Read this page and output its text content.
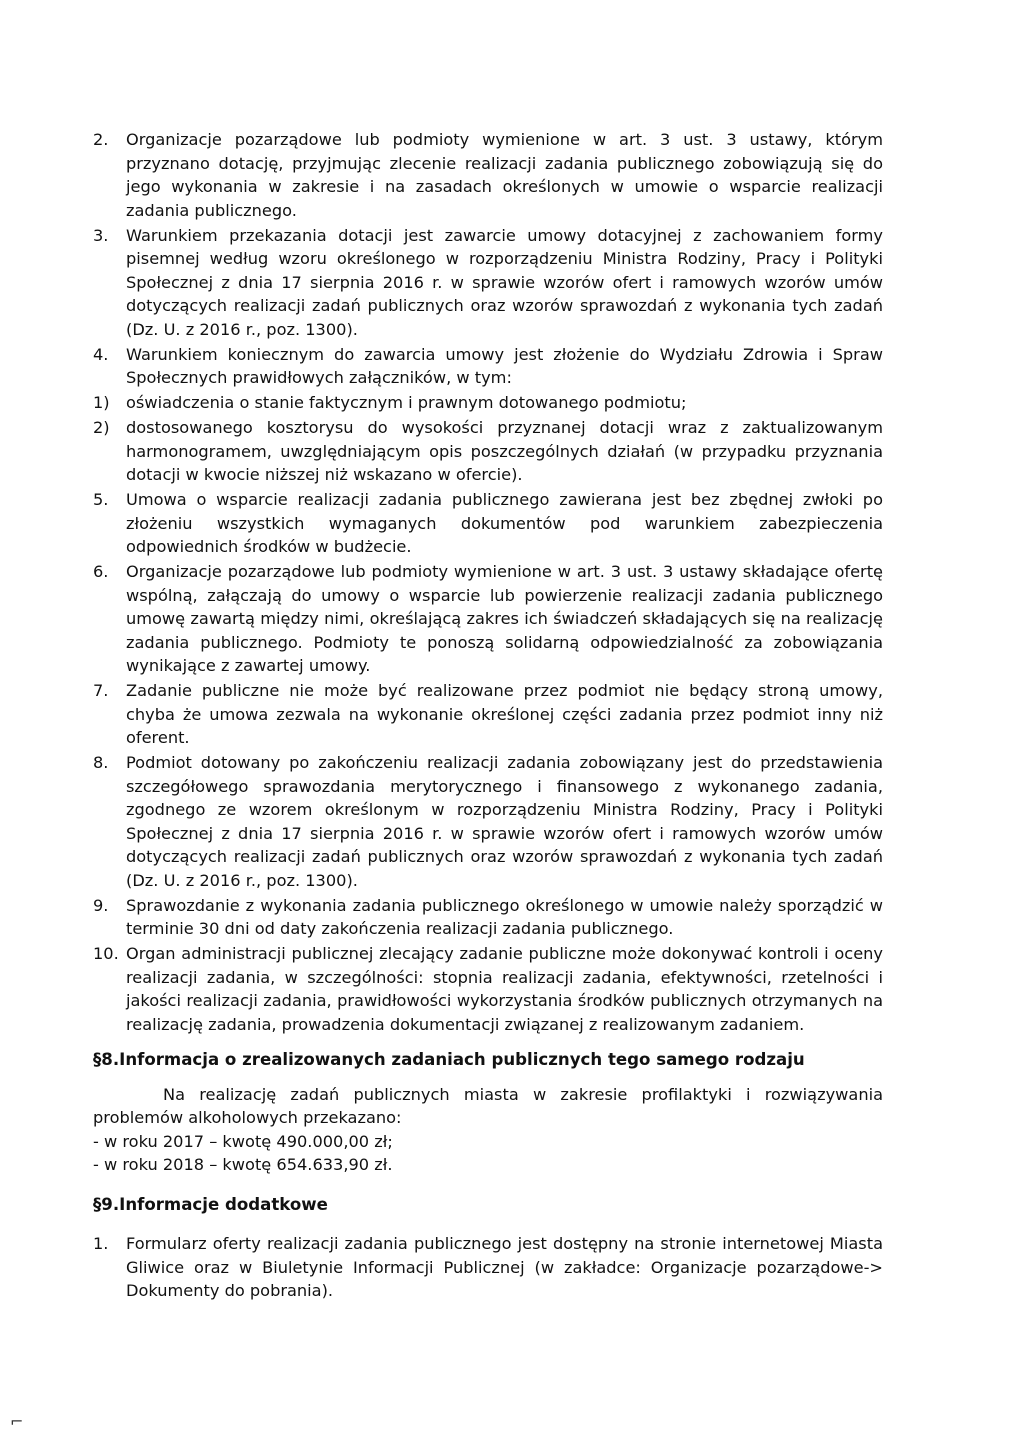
2. Organizacje pozarządowe lub podmioty wymienione w art. 3 ust. 3 ustawy, którym przyznano dotację, przyjmując zlecenie realizacji zadania publicznego zobowiązują się do jego wykonania w zakresie i na zasadach określonych w umowie o wsparcie realizacji zadania publicznego.
3. Warunkiem przekazania dotacji jest zawarcie umowy dotacyjnej z zachowaniem formy pisemnej według wzoru określonego w rozporządzeniu Ministra Rodziny, Pracy i Polityki Społecznej z dnia 17 sierpnia 2016 r. w sprawie wzorów ofert i ramowych wzorów umów dotyczących realizacji zadań publicznych oraz wzorów sprawozdań z wykonania tych zadań (Dz. U. z 2016 r., poz. 1300).
4. Warunkiem koniecznym do zawarcia umowy jest złożenie do Wydziału Zdrowia i Spraw Społecznych prawidłowych załączników, w tym:
1) oświadczenia o stanie faktycznym i prawnym dotowanego podmiotu;
2) dostosowanego kosztorysu do wysokości przyznanej dotacji wraz z zaktualizowanym harmonogramem, uwzględniającym opis poszczególnych działań (w przypadku przyznania dotacji w kwocie niższej niż wskazano w ofercie).
5. Umowa o wsparcie realizacji zadania publicznego zawierana jest bez zbędnej zwłoki po złożeniu wszystkich wymaganych dokumentów pod warunkiem zabezpieczenia odpowiednich środków w budżecie.
6. Organizacje pozarządowe lub podmioty wymienione w art. 3 ust. 3 ustawy składające ofertę wspólną, załączają do umowy o wsparcie lub powierzenie realizacji zadania publicznego umowę zawartą między nimi, określającą zakres ich świadczeń składających się na realizację zadania publicznego. Podmioty te ponoszą solidarną odpowiedzialność za zobowiązania wynikające z zawartej umowy.
7. Zadanie publiczne nie może być realizowane przez podmiot nie będący stroną umowy, chyba że umowa zezwala na wykonanie określonej części zadania przez podmiot inny niż oferent.
8. Podmiot dotowany po zakończeniu realizacji zadania zobowiązany jest do przedstawienia szczegółowego sprawozdania merytorycznego i finansowego z wykonanego zadania, zgodnego ze wzorem określonym w rozporządzeniu Ministra Rodziny, Pracy i Polityki Społecznej z dnia 17 sierpnia 2016 r. w sprawie wzorów ofert i ramowych wzorów umów dotyczących realizacji zadań publicznych oraz wzorów sprawozdań z wykonania tych zadań (Dz. U. z 2016 r., poz. 1300).
9. Sprawozdanie z wykonania zadania publicznego określonego w umowie należy sporządzić w terminie 30 dni od daty zakończenia realizacji zadania publicznego.
10. Organ administracji publicznej zlecający zadanie publiczne może dokonywać kontroli i oceny realizacji zadania, w szczególności: stopnia realizacji zadania, efektywności, rzetelności i jakości realizacji zadania, prawidłowości wykorzystania środków publicznych otrzymanych na realizację zadania, prowadzenia dokumentacji związanej z realizowanym zadaniem.
§8.Informacja o zrealizowanych zadaniach publicznych tego samego rodzaju
Na realizację zadań publicznych miasta w zakresie profilaktyki i rozwiązywania problemów alkoholowych przekazano:
- w roku 2017 – kwotę 490.000,00 zł;
- w roku 2018 – kwotę 654.633,90 zł.
§9.Informacje dodatkowe
1. Formularz oferty realizacji zadania publicznego jest dostępny na stronie internetowej Miasta Gliwice oraz w Biuletynie Informacji Publicznej (w zakładce: Organizacje pozarządowe-> Dokumenty do pobrania).
⌐
